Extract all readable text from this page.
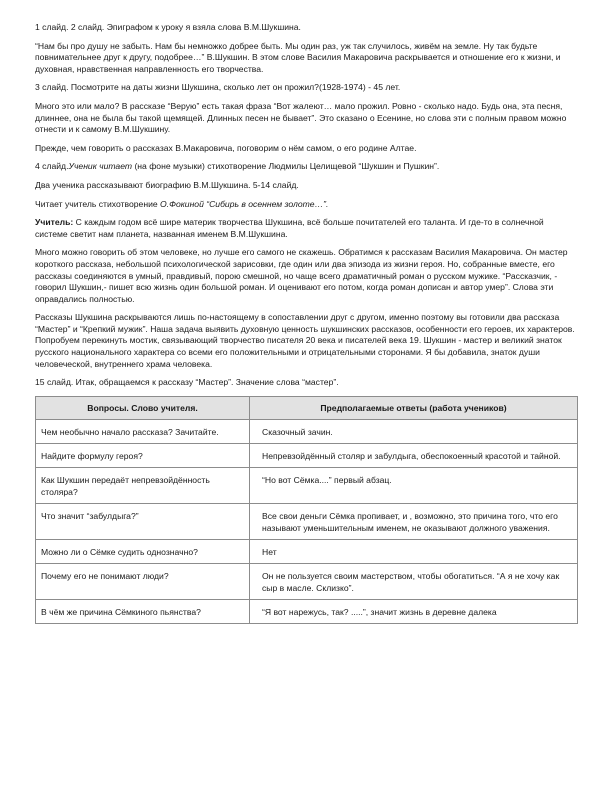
1 слайд. 2 слайд. Эпиграфом к уроку я взяла слова В.М.Шукшина.

“Нам бы про душу не забыть. Нам бы немножко добрее быть. Мы один раз, уж так случилось, живём на земле. Ну так будьте повнимательнее друг к другу, подобрее…” В.Шукшин. В этом слове Василия Макаровича раскрывается и отношение его к жизни, и духовная, нравственная направленность его творчества.

3 слайд. Посмотрите на даты жизни Шукшина, сколько лет он прожил?(1928-1974) - 45 лет.

Много это или мало? В рассказе “Верую” есть такая фраза “Вот жалеют… мало прожил. Ровно - сколько надо. Будь она, эта песня, длиннее, она не была бы такой щемящей. Длинных песен не бывает”. Это сказано о Есенине, но слова эти с полным правом можно отнести и к самому В.М.Шукшину.

Прежде, чем говорить о рассказах В.Макаровича, поговорим о нём самом, о его родине Алтае.

4 слайд.Ученик читает (на фоне музыки) стихотворение Людмилы Целищевой “Шукшин и Пушкин”.

Два ученика рассказывают биографию В.М.Шукшина. 5-14 слайд.

Читает учитель стихотворение О.Фокиной “Сибирь в осеннем золоте…”.

Учитель: С каждым годом всё шире материк творчества Шукшина, всё больше почитателей его таланта. И где-то в солнечной системе светит нам планета, названная именем В.М.Шукшина.

Много можно говорить об этом человеке, но лучше его самого не скажешь. Обратимся к рассказам Василия Макаровича. Он мастер короткого рассказа, небольшой психологической зарисовки, где один или два эпизода из жизни героя. Но, собранные вместе, его рассказы соединяются в умный, правдивый, порою смешной, но чаще всего драматичный роман о русском мужике. “Рассказчик, - говорил Шукшин,- пишет всю жизнь один большой роман. И оценивают его потом, когда роман дописан и автор умер”. Слова эти оправдались полностью.

Рассказы Шукшина раскрываются лишь по-настоящему в сопоставлении друг с другом, именно поэтому вы готовили два рассказа “Мастер” и “Крепкий мужик”. Наша задача выявить духовную ценность шукшинских рассказов, особенности его героев, их характеров. Попробуем перекинуть мостик, связывающий творчество писателя 20 века и писателей века 19. Шукшин - мастер и великий знаток русского национального характера со всеми его положительными и отрицательными сторонами. Я бы добавила, знаток души человеческой, внутреннего храма человека.

15 слайд. Итак, обращаемся к рассказу “Мастер”. Значение слова “мастер”.

Вопросы. Слово учителя.	Предполагаемые ответы (работа учеников)
Чем необычно начало рассказа? Зачитайте.	Сказочный зачин.
Найдите формулу героя?	Непревзойдённый столяр и забулдыга, обеспокоенный красотой и тайной.
Как Шукшин передаёт непревзойдённость столяра?	“Но вот Сёмка....” первый абзац.
Что значит “забулдыга?”	Все свои деньги Сёмка пропивает, и , возможно, это причина того, что его называют уменьшительным именем, не оказывают должного уважения.
Можно ли о Сёмке судить однозначно?	Нет
Почему его не понимают люди?	Он не пользуется своим мастерством, чтобы обогатиться. “А я не хочу как сыр в масле. Склизко”.
В чём же причина Сёмкиного пьянства?	“Я вот нарежусь, так? .....”, значит жизнь в деревне далека
